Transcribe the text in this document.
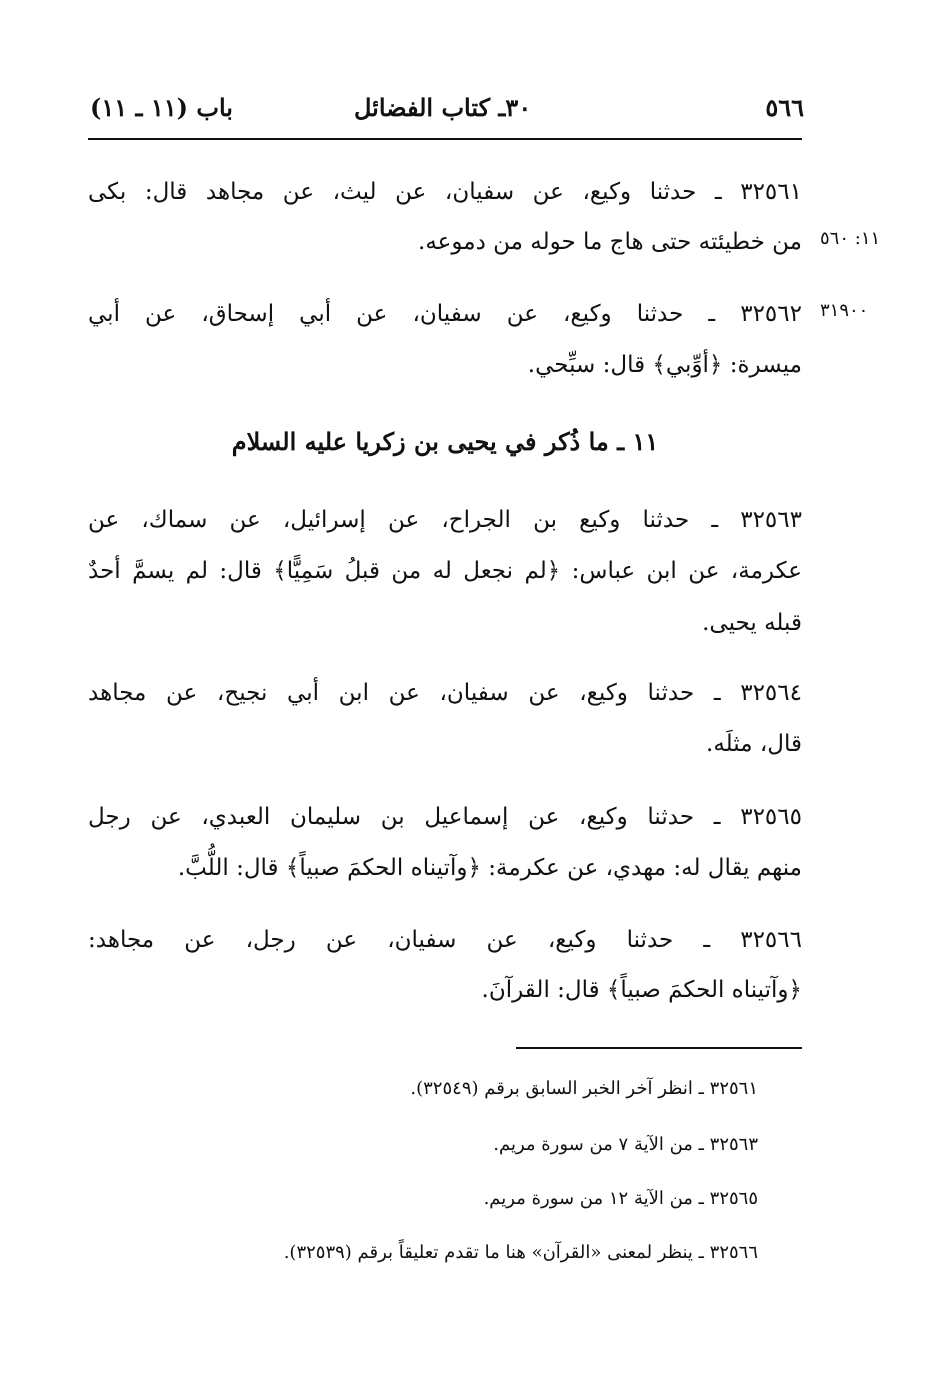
٥٦٦
٣٠ـ كتاب الفضائل
باب (١١ ـ ١١)
١١: ٥٦٠
٣١٩٠٠
٣٢٥٦١ ـ حدثنا وكيع، عن سفيان، عن ليث، عن مجاهد قال: بكى
من خطيئته حتى هاج ما حوله من دموعه.
٣٢٥٦٢ ـ حدثنا وكيع، عن سفيان، عن أبي إسحاق، عن أبي
ميسرة: ﴿أوِّبي﴾ قال: سبِّحي.
١١ ـ ما ذُكر في يحيى بن زكريا عليه السلام
٣٢٥٦٣ ـ حدثنا وكيع بن الجراح، عن إسرائيل، عن سماك، عن
عكرمة، عن ابن عباس: ﴿لم نجعل له من قبلُ سَمِيًّا﴾ قال: لم يسمَّ أحدٌ
قبله يحيى.
٣٢٥٦٤ ـ حدثنا وكيع، عن سفيان، عن ابن أبي نجيح، عن مجاهد
قال، مثلَه.
٣٢٥٦٥ ـ حدثنا وكيع، عن إسماعيل بن سليمان العبدي، عن رجل
منهم يقال له: مهدي، عن عكرمة: ﴿وآتيناه الحكمَ صبياً﴾ قال: اللُّبَّ.
٣٢٥٦٦ ـ حدثنا وكيع، عن سفيان، عن رجل، عن مجاهد:
﴿وآتيناه الحكمَ صبياً﴾ قال: القرآنَ.
٣٢٥٦١ ـ انظر آخر الخبر السابق برقم (٣٢٥٤٩).
٣٢٥٦٣ ـ من الآية ٧ من سورة مريم.
٣٢٥٦٥ ـ من الآية ١٢ من سورة مريم.
٣٢٥٦٦ ـ ينظر لمعنى «القرآن» هنا ما تقدم تعليقاً برقم (٣٢٥٣٩).
